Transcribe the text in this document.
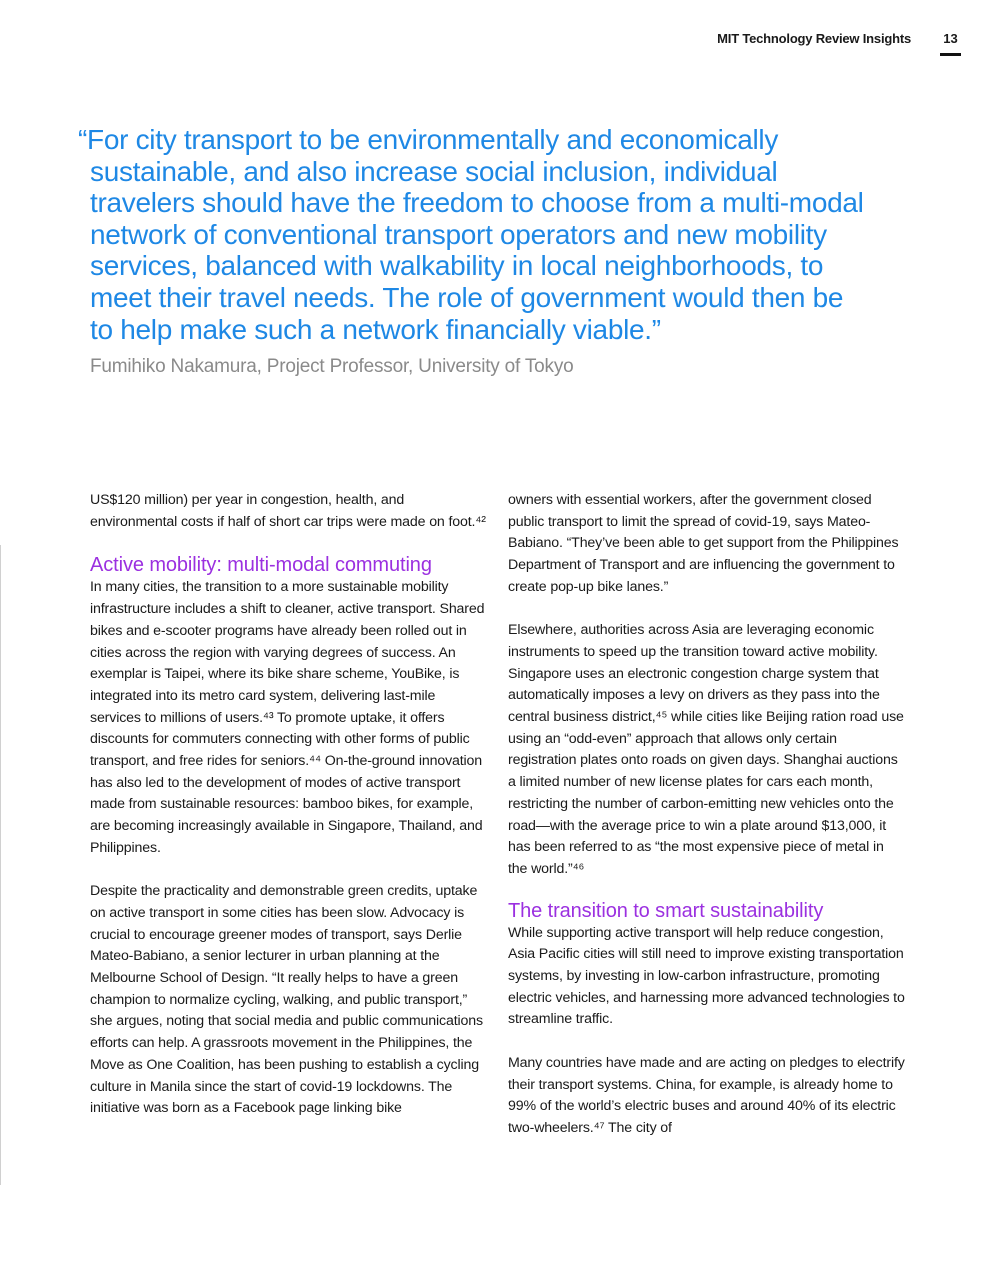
MIT Technology Review Insights 13

“For city transport to be environmentally and economically sustainable, and also increase social inclusion, individual travelers should have the freedom to choose from a multi-modal network of conventional transport operators and new mobility services, balanced with walkability in local neighborhoods, to meet their travel needs. The role of government would then be to help make such a network financially viable.”

Fumihiko Nakamura, Project Professor, University of Tokyo

US$120 million) per year in congestion, health, and environmental costs if half of short car trips were made on foot.⁴²

Active mobility: multi-modal commuting

In many cities, the transition to a more sustainable mobility infrastructure includes a shift to cleaner, active transport. Shared bikes and e-scooter programs have already been rolled out in cities across the region with varying degrees of success. An exemplar is Taipei, where its bike share scheme, YouBike, is integrated into its metro card system, delivering last-mile services to millions of users.⁴³ To promote uptake, it offers discounts for commuters connecting with other forms of public transport, and free rides for seniors.⁴⁴ On-the-ground innovation has also led to the development of modes of active transport made from sustainable resources: bamboo bikes, for example, are becoming increasingly available in Singapore, Thailand, and Philippines.

Despite the practicality and demonstrable green credits, uptake on active transport in some cities has been slow. Advocacy is crucial to encourage greener modes of transport, says Derlie Mateo-Babiano, a senior lecturer in urban planning at the Melbourne School of Design. “It really helps to have a green champion to normalize cycling, walking, and public transport,” she argues, noting that social media and public communications efforts can help. A grassroots movement in the Philippines, the Move as One Coalition, has been pushing to establish a cycling culture in Manila since the start of covid-19 lockdowns. The initiative was born as a Facebook page linking bike

owners with essential workers, after the government closed public transport to limit the spread of covid-19, says Mateo-Babiano. “They’ve been able to get support from the Philippines Department of Transport and are influencing the government to create pop-up bike lanes.”

Elsewhere, authorities across Asia are leveraging economic instruments to speed up the transition toward active mobility. Singapore uses an electronic congestion charge system that automatically imposes a levy on drivers as they pass into the central business district,⁴⁵ while cities like Beijing ration road use using an “odd-even” approach that allows only certain registration plates onto roads on given days. Shanghai auctions a limited number of new license plates for cars each month, restricting the number of carbon-emitting new vehicles onto the road—with the average price to win a plate around $13,000, it has been referred to as “the most expensive piece of metal in the world.”⁴⁶

The transition to smart sustainability

While supporting active transport will help reduce congestion, Asia Pacific cities will still need to improve existing transportation systems, by investing in low-carbon infrastructure, promoting electric vehicles, and harnessing more advanced technologies to streamline traffic.

Many countries have made and are acting on pledges to electrify their transport systems. China, for example, is already home to 99% of the world’s electric buses and around 40% of its electric two-wheelers.⁴⁷ The city of
